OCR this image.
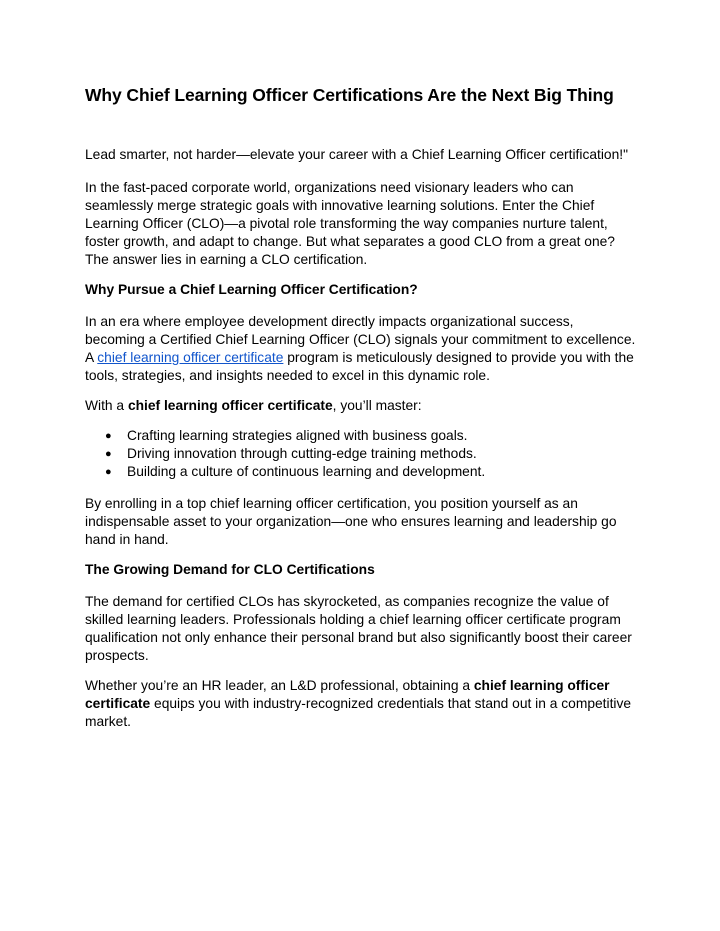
Why Chief Learning Officer Certifications Are the Next Big Thing

Lead smarter, not harder—elevate your career with a Chief Learning Officer certification!"

In the fast-paced corporate world, organizations need visionary leaders who can seamlessly merge strategic goals with innovative learning solutions. Enter the Chief Learning Officer (CLO)—a pivotal role transforming the way companies nurture talent, foster growth, and adapt to change. But what separates a good CLO from a great one? The answer lies in earning a CLO certification.

Why Pursue a Chief Learning Officer Certification?

In an era where employee development directly impacts organizational success, becoming a Certified Chief Learning Officer (CLO) signals your commitment to excellence. A chief learning officer certificate program is meticulously designed to provide you with the tools, strategies, and insights needed to excel in this dynamic role.

With a chief learning officer certificate, you’ll master:

● Crafting learning strategies aligned with business goals.
● Driving innovation through cutting-edge training methods.
● Building a culture of continuous learning and development.

By enrolling in a top chief learning officer certification, you position yourself as an indispensable asset to your organization—one who ensures learning and leadership go hand in hand.

The Growing Demand for CLO Certifications

The demand for certified CLOs has skyrocketed, as companies recognize the value of skilled learning leaders. Professionals holding a chief learning officer certificate program qualification not only enhance their personal brand but also significantly boost their career prospects.

Whether you’re an HR leader, an L&D professional, obtaining a chief learning officer certificate equips you with industry-recognized credentials that stand out in a competitive market.
